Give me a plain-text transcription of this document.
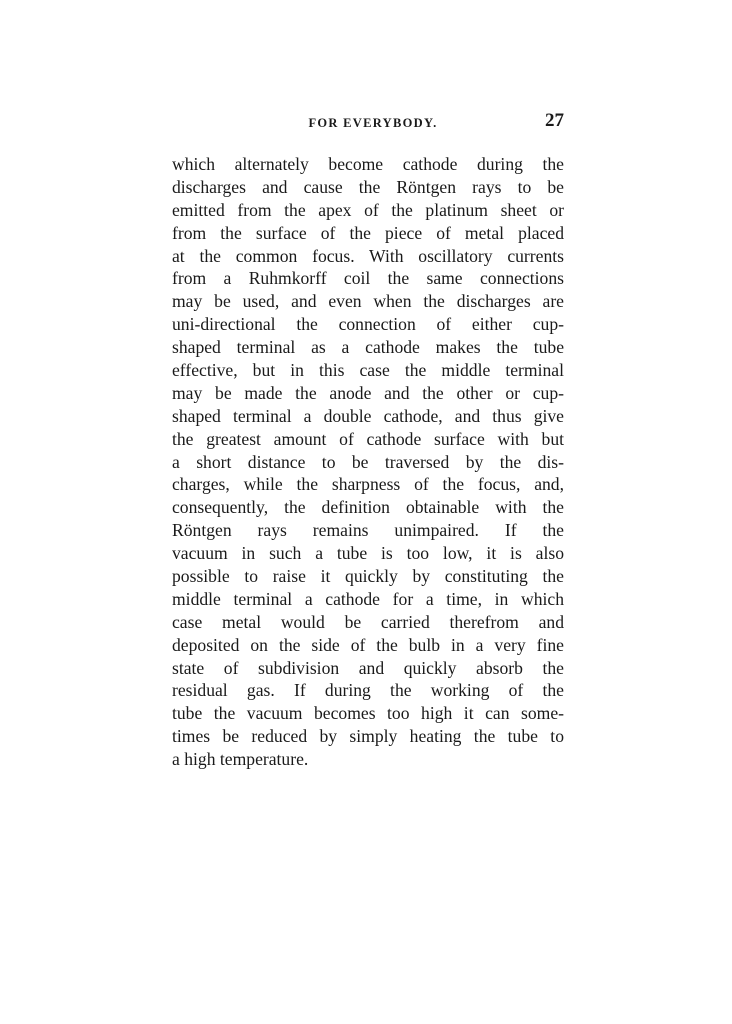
FOR EVERYBODY.	27
which alternately become cathode during the
discharges and cause the Röntgen rays to be
emitted from the apex of the platinum sheet or
from the surface of the piece of metal placed
at the common focus. With oscillatory currents
from a Ruhmkorff coil the same connections
may be used, and even when the discharges are
uni-directional the connection of either cup-
shaped terminal as a cathode makes the tube
effective, but in this case the middle terminal
may be made the anode and the other or cup-
shaped terminal a double cathode, and thus give
the greatest amount of cathode surface with but
a short distance to be traversed by the dis-
charges, while the sharpness of the focus, and,
consequently, the definition obtainable with the
Röntgen rays remains unimpaired. If the
vacuum in such a tube is too low, it is also
possible to raise it quickly by constituting the
middle terminal a cathode for a time, in which
case metal would be carried therefrom and
deposited on the side of the bulb in a very fine
state of subdivision and quickly absorb the
residual gas. If during the working of the
tube the vacuum becomes too high it can some-
times be reduced by simply heating the tube to
a high temperature.
